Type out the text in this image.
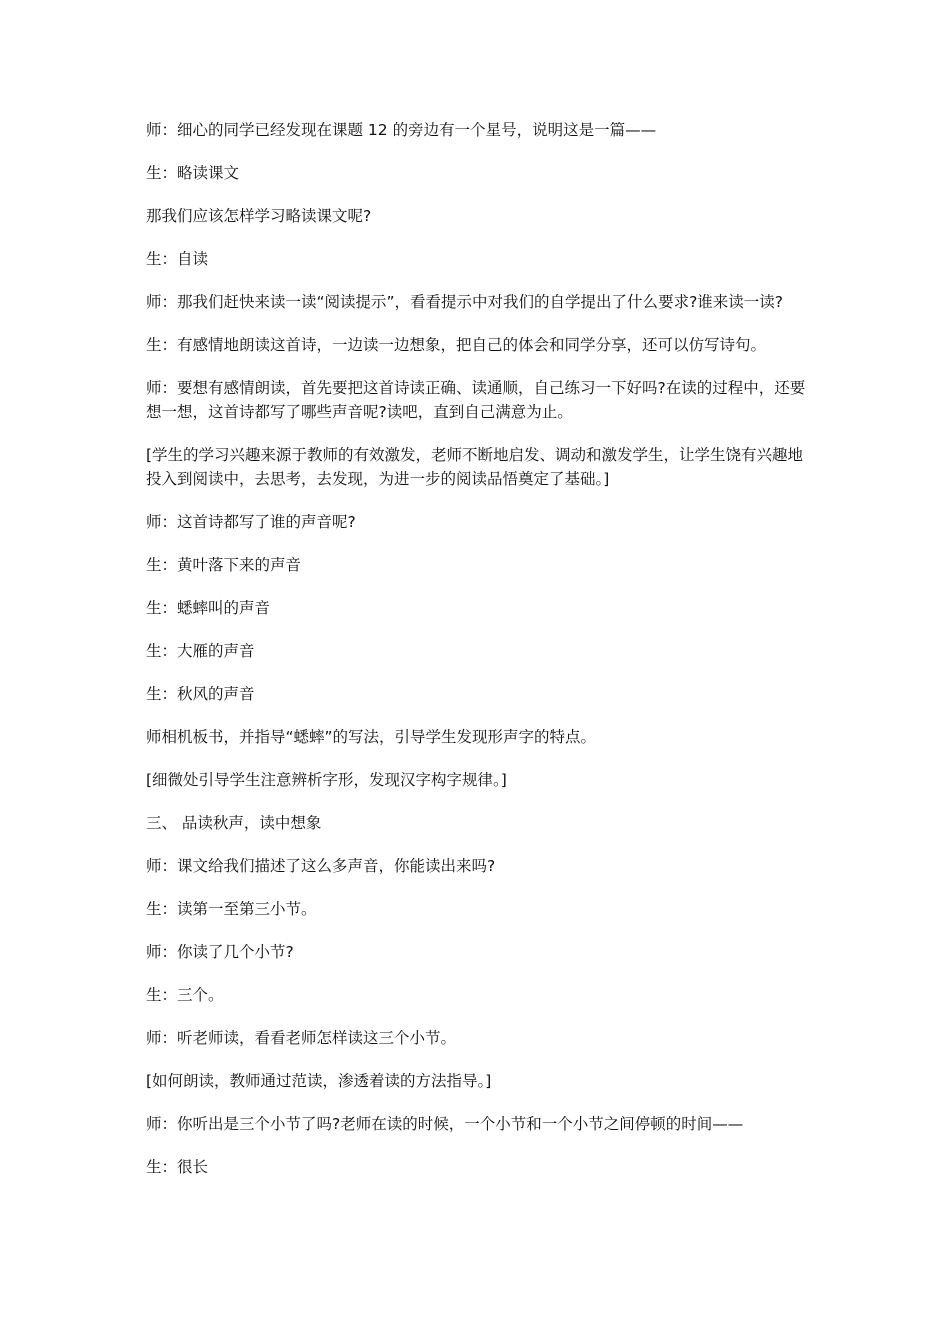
师：细心的同学已经发现在课题 12 的旁边有一个星号，说明这是一篇——

生：略读课文

那我们应该怎样学习略读课文呢?

生：自读

师：那我们赶快来读一读“阅读提示”，看看提示中对我们的自学提出了什么要求?谁来读一读?

生：有感情地朗读这首诗，一边读一边想象，把自己的体会和同学分享，还可以仿写诗句。

师：要想有感情朗读，首先要把这首诗读正确、读通顺，自己练习一下好吗?在读的过程中，还要想一想，这首诗都写了哪些声音呢?读吧，直到自己满意为止。

[学生的学习兴趣来源于教师的有效激发，老师不断地启发、调动和激发学生，让学生饶有兴趣地投入到阅读中，去思考，去发现，为进一步的阅读品悟奠定了基础。]

师：这首诗都写了谁的声音呢?

生：黄叶落下来的声音

生：蟋蟀叫的声音

生：大雁的声音

生：秋风的声音

师相机板书，并指导“蟋蟀”的写法，引导学生发现形声字的特点。

[细微处引导学生注意辨析字形，发现汉字构字规律。]

三、 品读秋声，读中想象

师：课文给我们描述了这么多声音，你能读出来吗?

生：读第一至第三小节。

师：你读了几个小节?

生：三个。

师：听老师读，看看老师怎样读这三个小节。

[如何朗读，教师通过范读，渗透着读的方法指导。]

师：你听出是三个小节了吗?老师在读的时候，一个小节和一个小节之间停顿的时间——

生：很长
